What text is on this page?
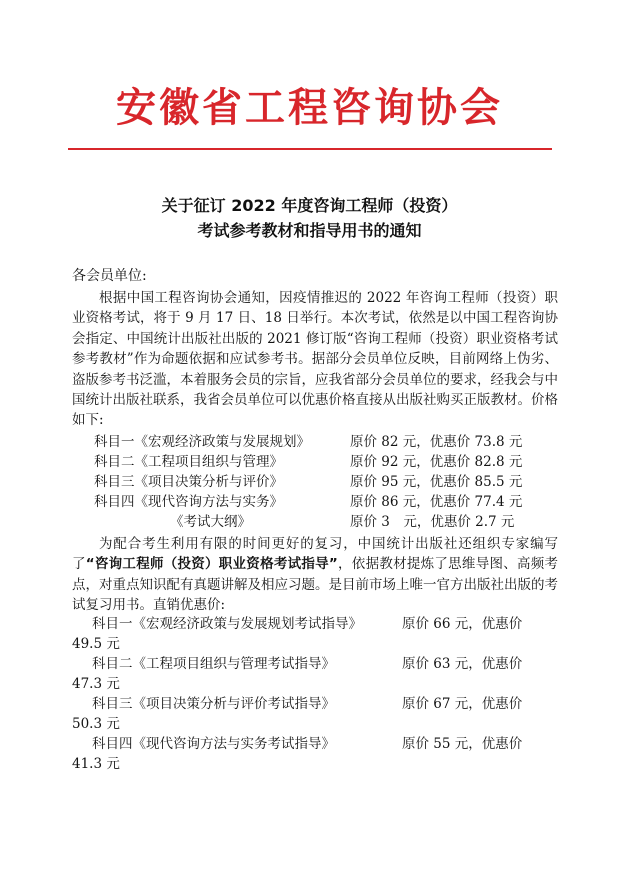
安徽省工程咨询协会
关于征订 2022 年度咨询工程师（投资）
考试参考教材和指导用书的通知
各会员单位:
根据中国工程咨询协会通知，因疫情推迟的 2022 年咨询工程师（投资）职业资格考试，将于 9 月 17 日、18 日举行。本次考试，依然是以中国工程咨询协会指定、中国统计出版社出版的 2021 修订版“咨询工程师（投资）职业资格考试参考教材”作为命题依据和应试参考书。据部分会员单位反映，目前网络上伪劣、盗版参考书泛滥，本着服务会员的宗旨，应我省部分会员单位的要求，经我会与中国统计出版社联系，我省会员单位可以优惠价格直接从出版社购买正版教材。价格如下:
科目一《宏观经济政策与发展规划》	原价 82 元，优惠价 73.8 元
科目二《工程项目组织与管理》	原价 92 元，优惠价 82.8 元
科目三《项目决策分析与评价》	原价 95 元，优惠价 85.5 元
科目四《现代咨询方法与实务》	原价 86 元，优惠价 77.4 元
《考试大纲》	原价 3　元，优惠价 2.7 元
为配合考生利用有限的时间更好的复习，中国统计出版社还组织专家编写了“咨询工程师（投资）职业资格考试指导”，依据教材提炼了思维导图、高频考点，对重点知识配有真题讲解及相应习题。是目前市场上唯一官方出版社出版的考试复习用书。直销优惠价:
科目一《宏观经济政策与发展规划考试指导》	原价 66 元，优惠价
49.5 元
科目二《工程项目组织与管理考试指导》	原价 63 元，优惠价
47.3 元
科目三《项目决策分析与评价考试指导》	原价 67 元，优惠价
50.3 元
科目四《现代咨询方法与实务考试指导》	原价 55 元，优惠价
41.3 元
